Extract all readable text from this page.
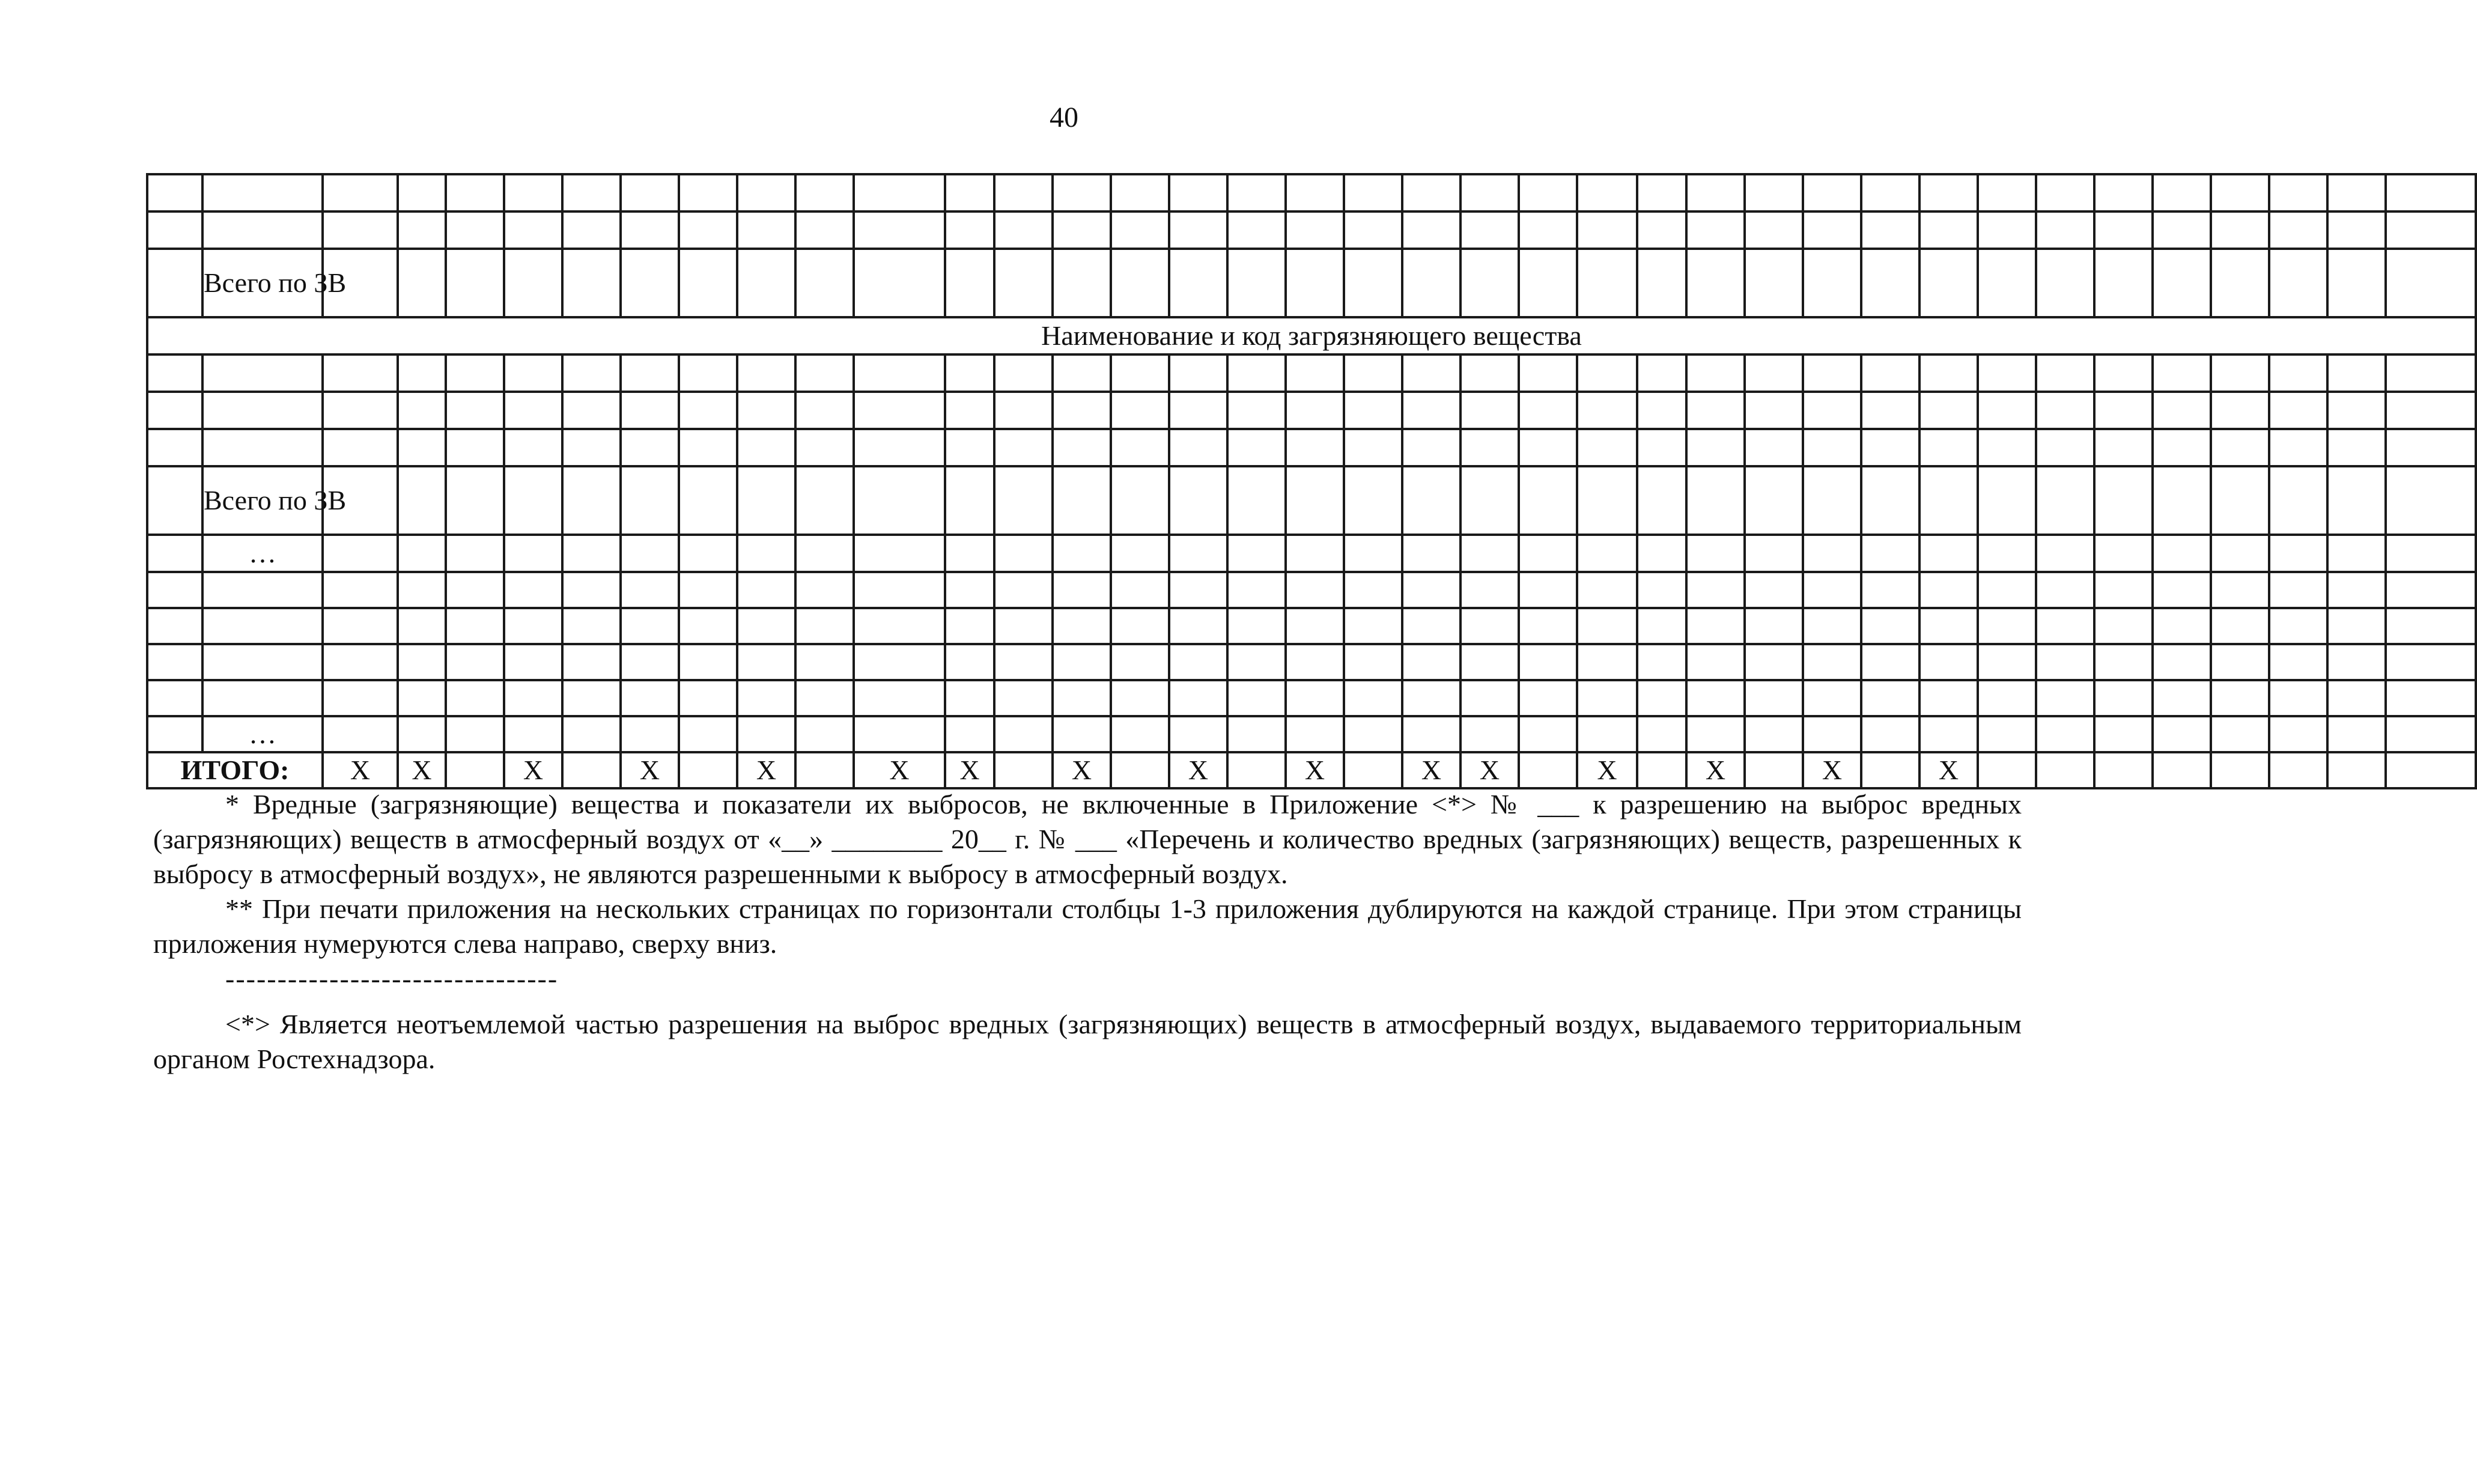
40

	Всего по ЗВ																																				
Наименование и код загрязняющего вещества																																					

	Всего по ЗВ																																				
	…																																				

	…																																				
ИТОГО:		X	X		X		X		X		X	X		X		X		X		X	X		X		X		X		X								

* Вредные (загрязняющие) вещества и показатели их выбросов, не включенные в Приложение <*> № ___ к разрешению на выброс вредных (загрязняющих) веществ в атмосферный воздух от «__» ________ 20__ г. № ___ «Перечень и количество вредных (загрязняющих) веществ, разрешенных к выбросу в атмосферный воздух», не являются разрешенными к выбросу в атмосферный воздух.

** При печати приложения на нескольких страницах по горизонтали столбцы 1-3 приложения дублируются на каждой странице. При этом страницы приложения нумеруются слева направо, сверху вниз.

--------------------------------

<*> Является неотъемлемой частью разрешения на выброс вредных (загрязняющих) веществ в атмосферный воздух, выдаваемого территориальным органом Ростехнадзора.
